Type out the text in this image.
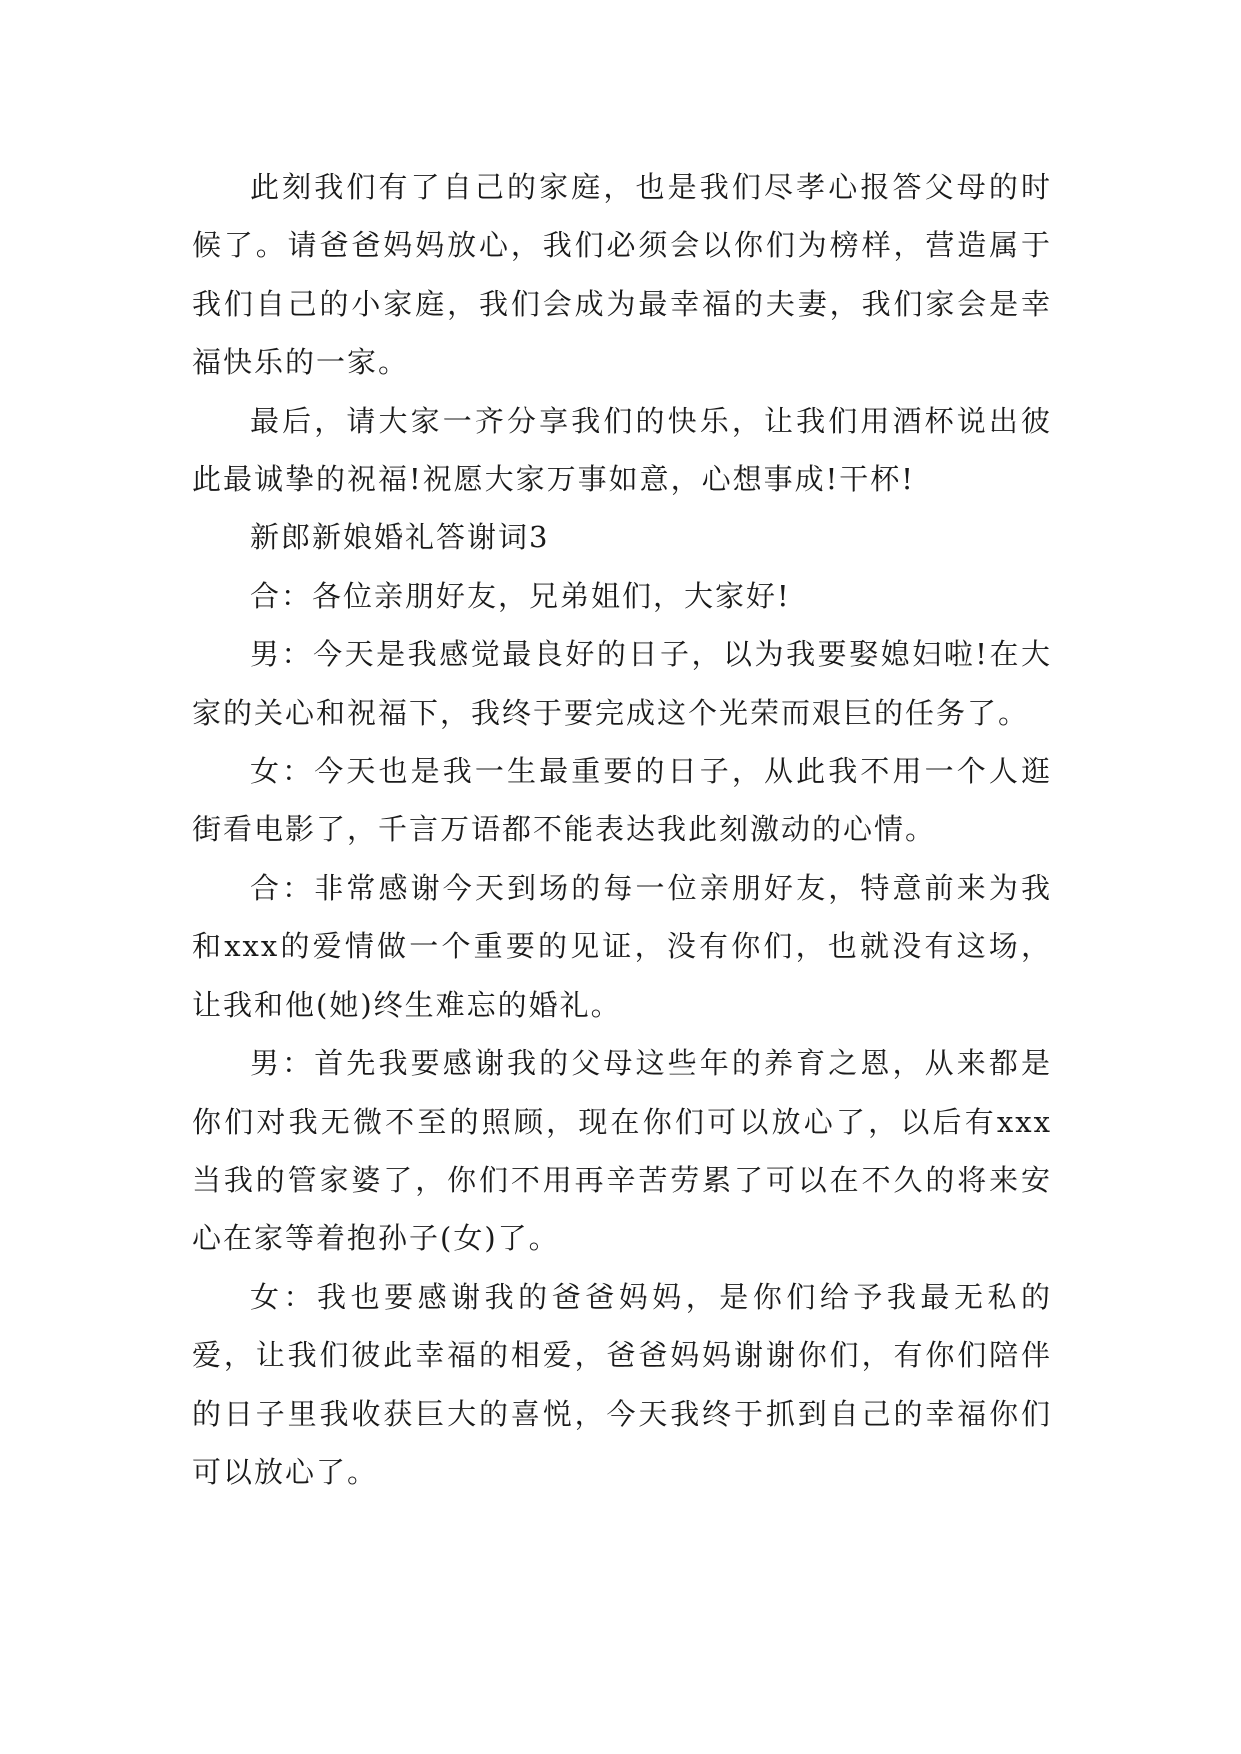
此刻我们有了自己的家庭，也是我们尽孝心报答父母的时候了。请爸爸妈妈放心，我们必须会以你们为榜样，营造属于我们自己的小家庭，我们会成为最幸福的夫妻，我们家会是幸福快乐的一家。

最后，请大家一齐分享我们的快乐，让我们用酒杯说出彼此最诚挚的祝福!祝愿大家万事如意，心想事成!干杯!

新郎新娘婚礼答谢词3

合：各位亲朋好友，兄弟姐们，大家好!

男：今天是我感觉最良好的日子，以为我要娶媳妇啦!在大家的关心和祝福下，我终于要完成这个光荣而艰巨的任务了。

女：今天也是我一生最重要的日子，从此我不用一个人逛街看电影了，千言万语都不能表达我此刻激动的心情。

合：非常感谢今天到场的每一位亲朋好友，特意前来为我和xxx的爱情做一个重要的见证，没有你们，也就没有这场，让我和他(她)终生难忘的婚礼。

男：首先我要感谢我的父母这些年的养育之恩，从来都是你们对我无微不至的照顾，现在你们可以放心了，以后有xxx当我的管家婆了，你们不用再辛苦劳累了可以在不久的将来安心在家等着抱孙子(女)了。

女：我也要感谢我的爸爸妈妈，是你们给予我最无私的爱，让我们彼此幸福的相爱，爸爸妈妈谢谢你们，有你们陪伴的日子里我收获巨大的喜悦，今天我终于抓到自己的幸福你们可以放心了。
